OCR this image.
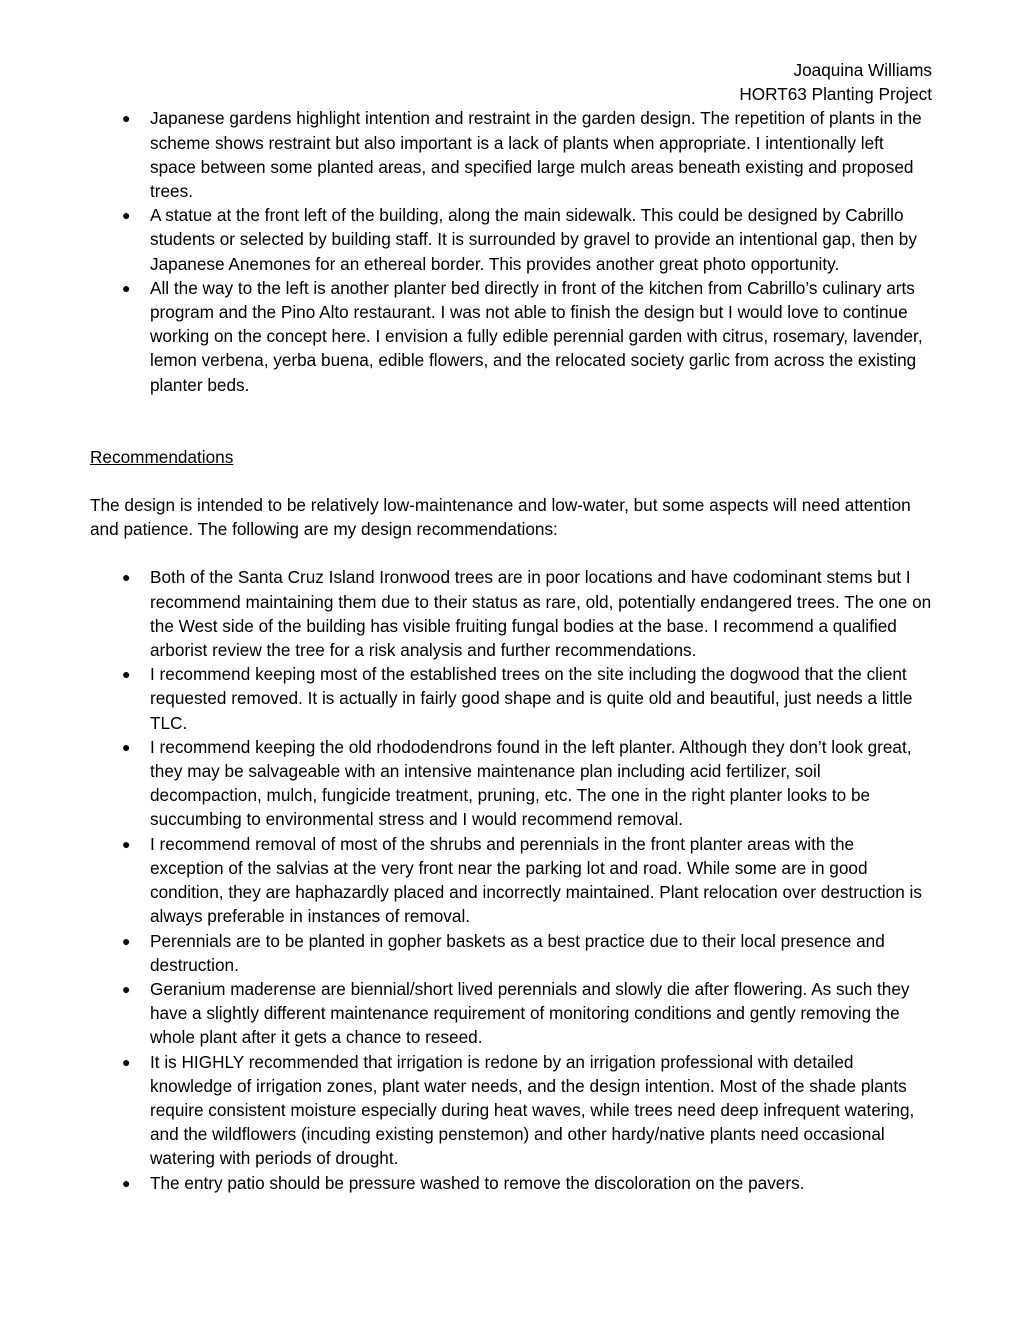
Joaquina Williams
HORT63 Planting Project
● Japanese gardens highlight intention and restraint in the garden design. The repetition of plants in the scheme shows restraint but also important is a lack of plants when appropriate. I intentionally left space between some planted areas, and specified large mulch areas beneath existing and proposed trees.
● A statue at the front left of the building, along the main sidewalk. This could be designed by Cabrillo students or selected by building staff. It is surrounded by gravel to provide an intentional gap, then by Japanese Anemones for an ethereal border. This provides another great photo opportunity.
● All the way to the left is another planter bed directly in front of the kitchen from Cabrillo’s culinary arts program and the Pino Alto restaurant. I was not able to finish the design but I would love to continue working on the concept here. I envision a fully edible perennial garden with citrus, rosemary, lavender, lemon verbena, yerba buena, edible flowers, and the relocated society garlic from across the existing planter beds.
Recommendations
The design is intended to be relatively low-maintenance and low-water, but some aspects will need attention and patience. The following are my design recommendations:
● Both of the Santa Cruz Island Ironwood trees are in poor locations and have codominant stems but I recommend maintaining them due to their status as rare, old, potentially endangered trees. The one on the West side of the building has visible fruiting fungal bodies at the base. I recommend a qualified arborist review the tree for a risk analysis and further recommendations.
● I recommend keeping most of the established trees on the site including the dogwood that the client requested removed. It is actually in fairly good shape and is quite old and beautiful, just needs a little TLC.
● I recommend keeping the old rhododendrons found in the left planter. Although they don’t look great, they may be salvageable with an intensive maintenance plan including acid fertilizer, soil decompaction, mulch, fungicide treatment, pruning, etc. The one in the right planter looks to be succumbing to environmental stress and I would recommend removal.
● I recommend removal of most of the shrubs and perennials in the front planter areas with the exception of the salvias at the very front near the parking lot and road. While some are in good condition, they are haphazardly placed and incorrectly maintained. Plant relocation over destruction is always preferable in instances of removal.
● Perennials are to be planted in gopher baskets as a best practice due to their local presence and destruction.
● Geranium maderense are biennial/short lived perennials and slowly die after flowering. As such they have a slightly different maintenance requirement of monitoring conditions and gently removing the whole plant after it gets a chance to reseed.
● It is HIGHLY recommended that irrigation is redone by an irrigation professional with detailed knowledge of irrigation zones, plant water needs, and the design intention. Most of the shade plants require consistent moisture especially during heat waves, while trees need deep infrequent watering, and the wildflowers (incuding existing penstemon) and other hardy/native plants need occasional watering with periods of drought.
● The entry patio should be pressure washed to remove the discoloration on the pavers.
